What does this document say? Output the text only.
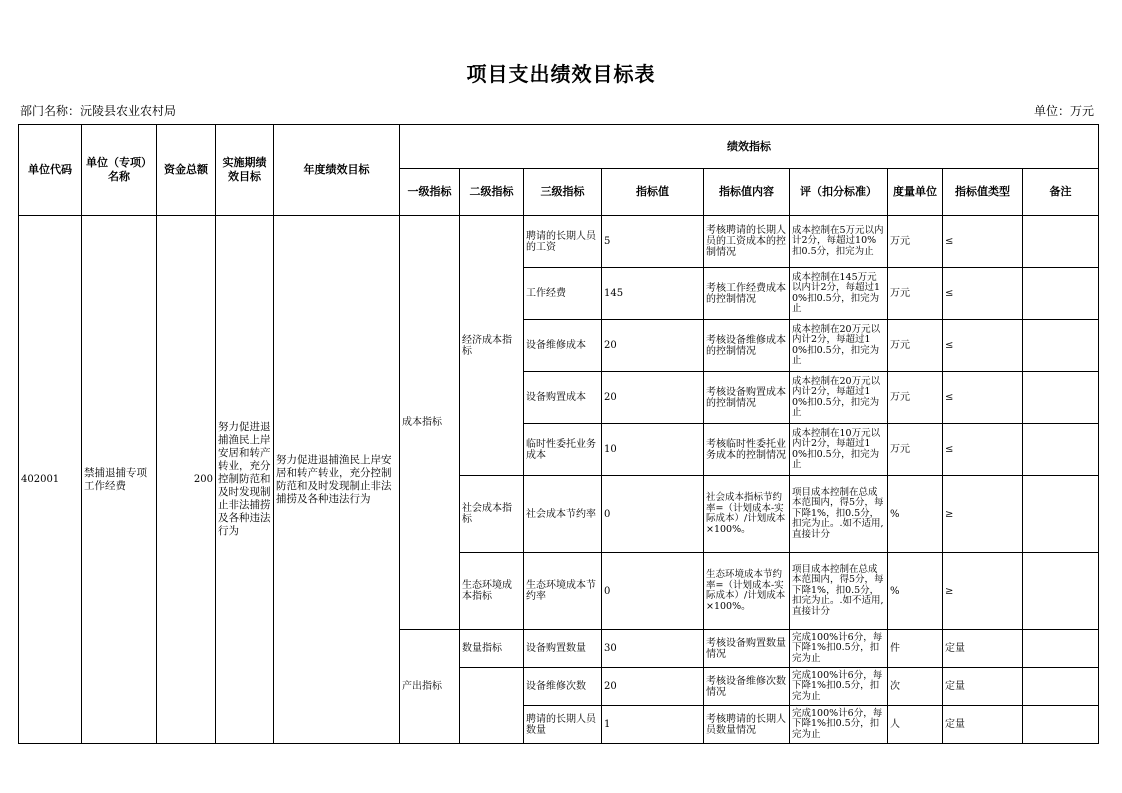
项目支出绩效目标表
部门名称：沅陵县农业农村局	单位：万元
单位代码	单位（专项）名称	资金总额	实施期绩效目标	年度绩效目标	绩效指标								
					一级指标	二级指标	三级指标	指标值	指标值内容	评（扣分标准）	度量单位	指标值类型	备注
402001	禁捕退捕专项工作经费	200	努力促进退捕渔民上岸安居和转产转业，充分控制防范和及时发现制止非法捕捞及各种违法行为	努力促进退捕渔民上岸安居和转产转业，充分控制防范和及时发现制止非法捕捞及各种违法行为	成本指标	经济成本指标	聘请的长期人员的工资	5	考核聘请的长期人员的工资成本的控制情况	成本控制在5万元以内计2分，每超过10%扣0.5分，扣完为止	万元	≤	
							工作经费	145	考核工作经费成本的控制情况	成本控制在145万元以内计2分，每超过10%扣0.5分，扣完为止	万元	≤	
							设备维修成本	20	考核设备维修成本的控制情况	成本控制在20万元以内计2分，每超过10%扣0.5分，扣完为止	万元	≤	
							设备购置成本	20	考核设备购置成本的控制情况	成本控制在20万元以内计2分，每超过10%扣0.5分，扣完为止	万元	≤	
							临时性委托业务成本	10	考核临时性委托业务成本的控制情况	成本控制在10万元以内计2分，每超过10%扣0.5分，扣完为止	万元	≤	
						社会成本指标	社会成本节约率	0	社会成本指标节约率=（计划成本-实际成本）/计划成本×100%。	项目成本控制在总成本范围内，得5分，每下降1%，扣0.5分，扣完为止。.如不适用,直接计分	%	≥	
						生态环境成本指标	生态环境成本节约率	0	生态环境成本节约率=（计划成本-实际成本）/计划成本×100%。	项目成本控制在总成本范围内，得5分，每下降1%，扣0.5分，扣完为止。.如不适用,直接计分	%	≥	
					产出指标	数量指标	设备购置数量	30	考核设备购置数量情况	完成100%计6分，每下降1%扣0.5分，扣完为止	件	定量	
							设备维修次数	20	考核设备维修次数情况	完成100%计6分，每下降1%扣0.5分，扣完为止	次	定量	
							聘请的长期人员数量	1	考核聘请的长期人员数量情况	完成100%计6分，每下降1%扣0.5分，扣完为止	人	定量	
